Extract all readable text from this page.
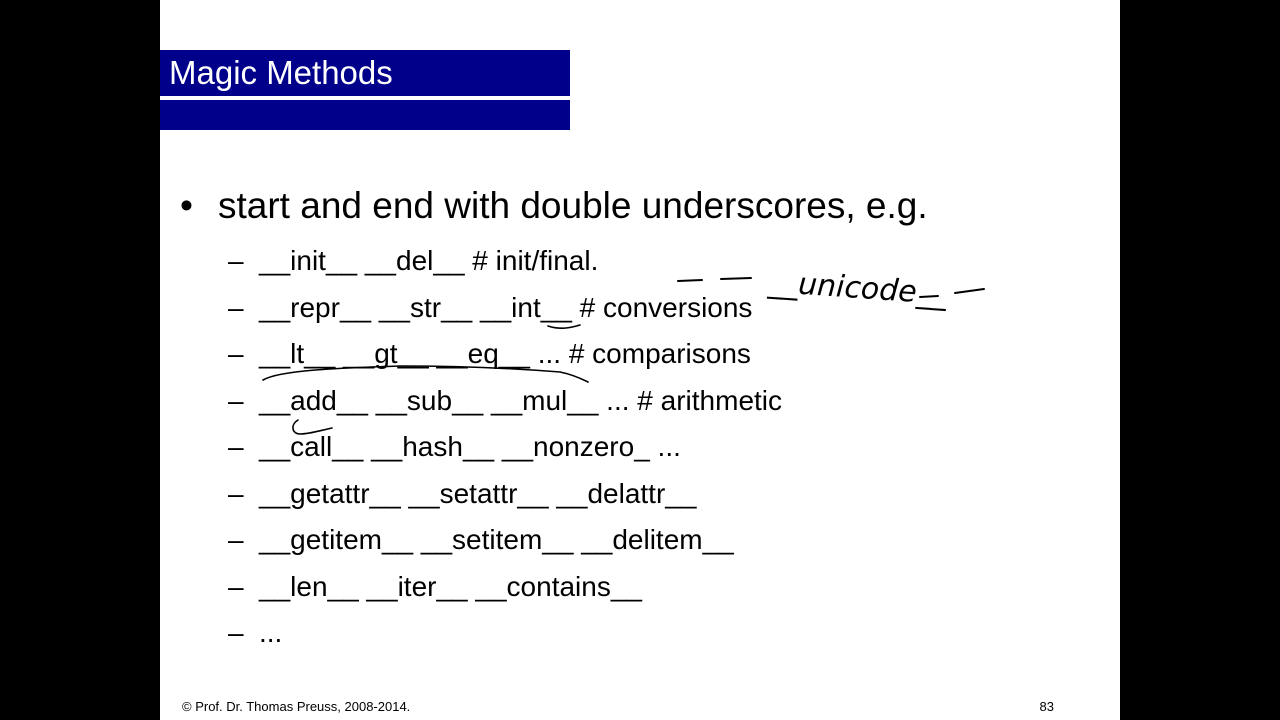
Magic Methods
• start and end with double underscores, e.g.
– __init__ __del__ # init/final.
– __repr__ __str__ __int__ # conversions
– __lt__ __gt__ __eq__ ... # comparisons
– __add__ __sub__ __mul__ ... # arithmetic
– __call__ __hash__ __nonzero_ ...
– __getattr__ __setattr__ __delattr__
– __getitem__ __setitem__ __delitem__
– __len__ __iter__ __contains__
– ...
__unicode__
© Prof. Dr. Thomas Preuss, 2008-2014.	83
